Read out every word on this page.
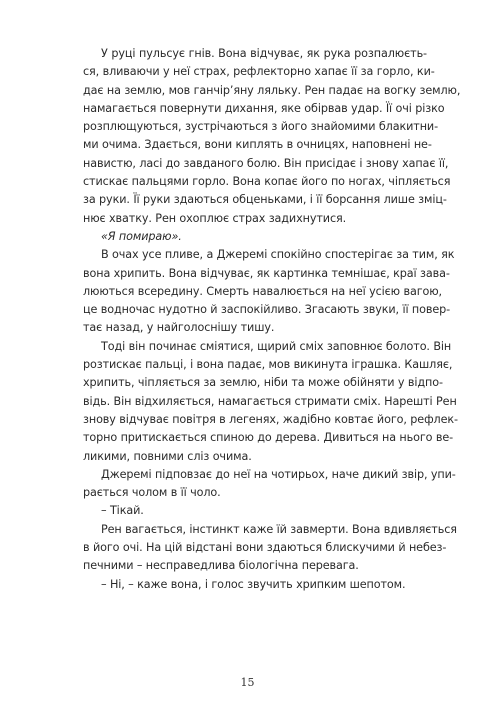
У руці пульсує гнів. Вона відчуває, як рука розпалюєть-
ся, вливаючи у неї страх, рефлекторно хапає її за горло, ки-
дає на землю, мов ганчір’яну ляльку. Рен падає на вогку землю,
намагається повернути дихання, яке обірвав удар. Її очі різко
розплющуються, зустрічаються з його знайомими блакитни-
ми очима. Здається, вони киплять в очницях, наповнені не-
навистю, ласі до завданого болю. Він присідає і знову хапає її,
стискає пальцями горло. Вона копає його по ногах, чіпляється
за руки. Її руки здаються обценьками, і її борсання лише зміц-
нює хватку. Рен охоплює страх задихнутися.
«Я помираю».
В очах усе пливе, а Джеремі спокійно спостерігає за тим, як
вона хрипить. Вона відчуває, як картинка темнішає, краї зава-
люються всередину. Смерть навалюється на неї усією вагою,
це водночас нудотно й заспокійливо. Згасають звуки, її повер-
тає назад, у найголоснішу тишу.
Тоді він починає сміятися, щирий сміх заповнює болото. Він
розтискає пальці, і вона падає, мов викинута іграшка. Кашляє,
хрипить, чіпляється за землю, ніби та може обійняти у відпо-
відь. Він відхиляється, намагається стримати сміх. Нарешті Рен
знову відчуває повітря в легенях, жадібно ковтає його, рефлек-
торно притискається спиною до дерева. Дивиться на нього ве-
ликими, повними сліз очима.
Джеремі підповзає до неї на чотирьох, наче дикий звір, упи-
рається чолом в її чоло.
– Тікай.
Рен вагається, інстинкт каже їй завмерти. Вона вдивляється
в його очі. На цій відстані вони здаються блискучими й небез-
печними – несправедлива біологічна перевага.
– Ні, – каже вона, і голос звучить хрипким шепотом.
15
